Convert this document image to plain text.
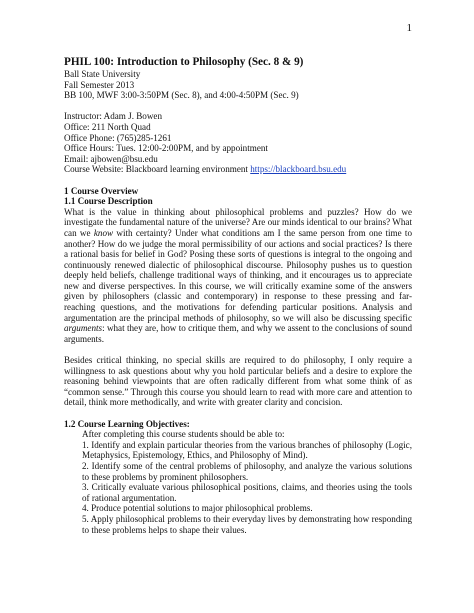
1
PHIL 100: Introduction to Philosophy (Sec. 8 & 9)
Ball State University
Fall Semester 2013
BB 100, MWF 3:00-3:50PM (Sec. 8), and 4:00-4:50PM (Sec. 9)
Instructor: Adam J. Bowen
Office: 211 North Quad
Office Phone: (765)285-1261
Office Hours: Tues. 12:00-2:00PM, and by appointment
Email: ajbowen@bsu.edu
Course Website: Blackboard learning environment https://blackboard.bsu.edu
1 Course Overview
1.1 Course Description
What is the value in thinking about philosophical problems and puzzles? How do we investigate the fundamental nature of the universe? Are our minds identical to our brains? What can we know with certainty? Under what conditions am I the same person from one time to another? How do we judge the moral permissibility of our actions and social practices? Is there a rational basis for belief in God? Posing these sorts of questions is integral to the ongoing and continuously renewed dialectic of philosophical discourse. Philosophy pushes us to question deeply held beliefs, challenge traditional ways of thinking, and it encourages us to appreciate new and diverse perspectives. In this course, we will critically examine some of the answers given by philosophers (classic and contemporary) in response to these pressing and far-reaching questions, and the motivations for defending particular positions. Analysis and argumentation are the principal methods of philosophy, so we will also be discussing specific arguments: what they are, how to critique them, and why we assent to the conclusions of sound arguments.
Besides critical thinking, no special skills are required to do philosophy, I only require a willingness to ask questions about why you hold particular beliefs and a desire to explore the reasoning behind viewpoints that are often radically different from what some think of as “common sense.” Through this course you should learn to read with more care and attention to detail, think more methodically, and write with greater clarity and concision.
1.2 Course Learning Objectives:
After completing this course students should be able to:
1. Identify and explain particular theories from the various branches of philosophy (Logic, Metaphysics, Epistemology, Ethics, and Philosophy of Mind).
2. Identify some of the central problems of philosophy, and analyze the various solutions to these problems by prominent philosophers.
3. Critically evaluate various philosophical positions, claims, and theories using the tools of rational argumentation.
4. Produce potential solutions to major philosophical problems.
5. Apply philosophical problems to their everyday lives by demonstrating how responding to these problems helps to shape their values.
